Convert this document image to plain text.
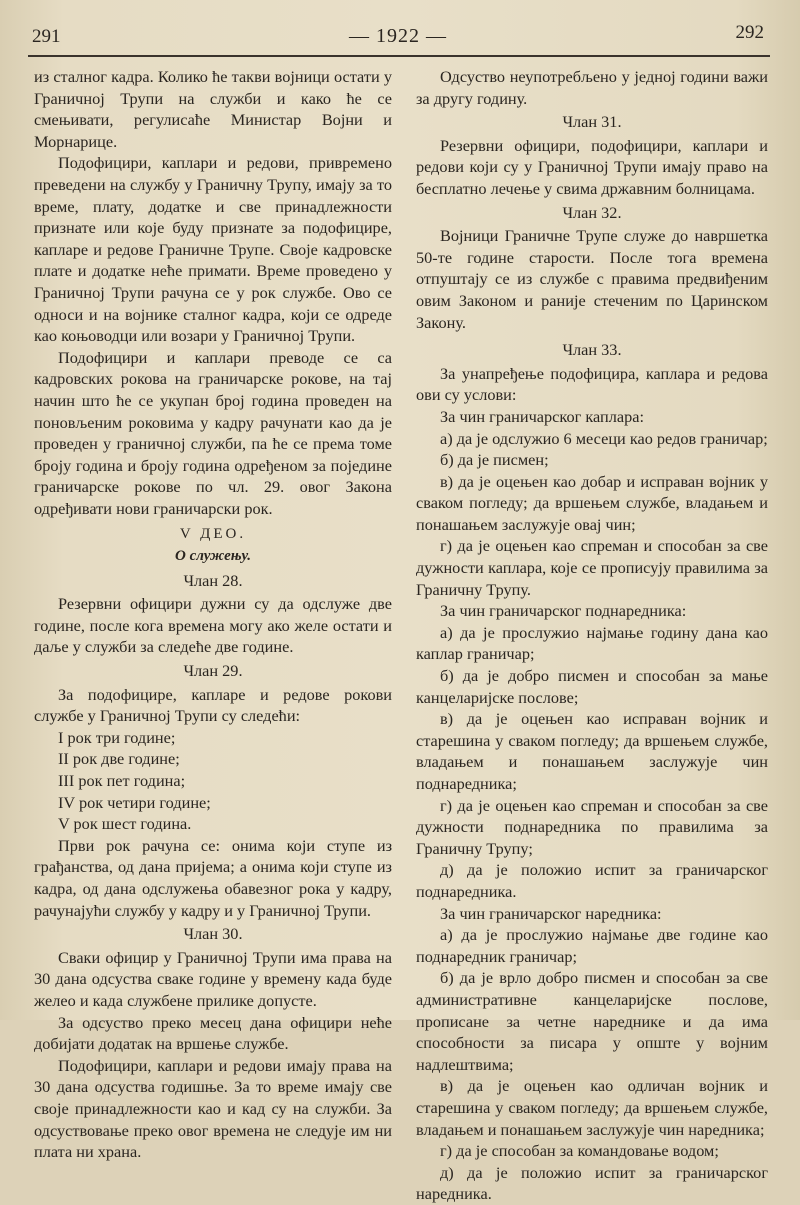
291	— 1922 —	292

из сталног кадра. Колико ће такви војници остати у Граничној Трупи на служби и како ће се смењивати, регулисаће Министар Војни и Морнарице.

Подофицири, каплари и редови, привремено преведени на службу у Граничну Трупу, имају за то време, плату, додатке и све принадлежности признате или које буду признате за подофицире, капларе и редове Граничне Трупе. Своје кадровске плате и додатке неће примати. Време проведено у Граничној Трупи рачуна се у рок службе. Ово се односи и на војнике сталног кадра, који се одреде као коњоводци или возари у Граничној Трупи.

Подофицири и каплари преводе се са кадровских рокова на граничарске рокове, на тај начин што ће се укупан број година проведен на поновљеним роковима у кадру рачунати као да је проведен у граничној служби, па ће се према томе броју година и броју година одређеном за поједине граничарске рокове по чл. 29. овог Закона одређивати нови граничарски рок.

V ДЕО.

О служењу.

Члан 28.

Резервни официри дужни су да одслуже две године, после кога времена могу ако желе остати и даље у служби за следеће две године.

Члан 29.

За подофицире, капларе и редове рокови службе у Граничној Трупи су следећи:

I рок три године;

II рок две године;

III рок пет година;

IV рок четири године;

V рок шест година.

Први рок рачуна се: онима који ступе из грађанства, од дана пријема; а онима који ступе из кадра, од дана одслужења обавезног рока у кадру, рачунајући службу у кадру и у Граничној Трупи.

Члан 30.

Сваки официр у Граничној Трупи има права на 30 дана одсуства сваке године у времену када буде желео и када службене прилике допусте.

За одсуство преко месец дана официри неће добијати додатак на вршење службе.

Подофицири, каплари и редови имају права на 30 дана одсуства годишње. За то време имају све своје принадлежности као и кад су на служби. За одсуствовање преко овог времена не следује им ни плата ни храна.

Одсуство неупотребљено у једној години важи за другу годину.

Члан 31.

Резервни официри, подофицири, каплари и редови који су у Граничној Трупи имају право на бесплатно лечење у свима државним болницама.

Члан 32.

Војници Граничне Трупе служе до навршетка 50-те године старости. После тога времена отпуштају се из службе с правима предвиђеним овим Законом и раније стеченим по Царинском Закону.

Члан 33.

За унапређење подофицира, каплара и редова ови су услови:

За чин граничарског каплара:

а) да је одслужио 6 месеци као редов граничар;

б) да је писмен;

в) да је оцењен као добар и исправан војник у сваком погледу; да вршењем службе, владањем и понашањем заслужује овај чин;

г) да је оцењен као спреман и способан за све дужности каплара, које се прописују правилима за Граничну Трупу.

За чин граничарског поднаредника:

а) да је прослужио најмање годину дана као каплар граничар;

б) да је добро писмен и способан за мање канцеларијске послове;

в) да је оцењен као исправан војник и старешина у сваком погледу; да вршењем службе, владањем и понашањем заслужује чин поднаредника;

г) да је оцењен као спреман и способан за све дужности поднаредника по правилима за Граничну Трупу;

д) да је положио испит за граничарског поднаредника.

За чин граничарског наредника:

а) да је прослужио најмање две године као поднаредник граничар;

б) да је врло добро писмен и способан за све административне канцеларијске послове, прописане за четне наредникe и да има способности за писара у опште у војним надлештвима;

в) да је оцењен као одличан војник и старешина у сваком погледу; да вршењем службе, владањем и понашањем заслужује чин наредника;

г) да је способан за командовање водом;

д) да је положио испит за граничарског наредника.
